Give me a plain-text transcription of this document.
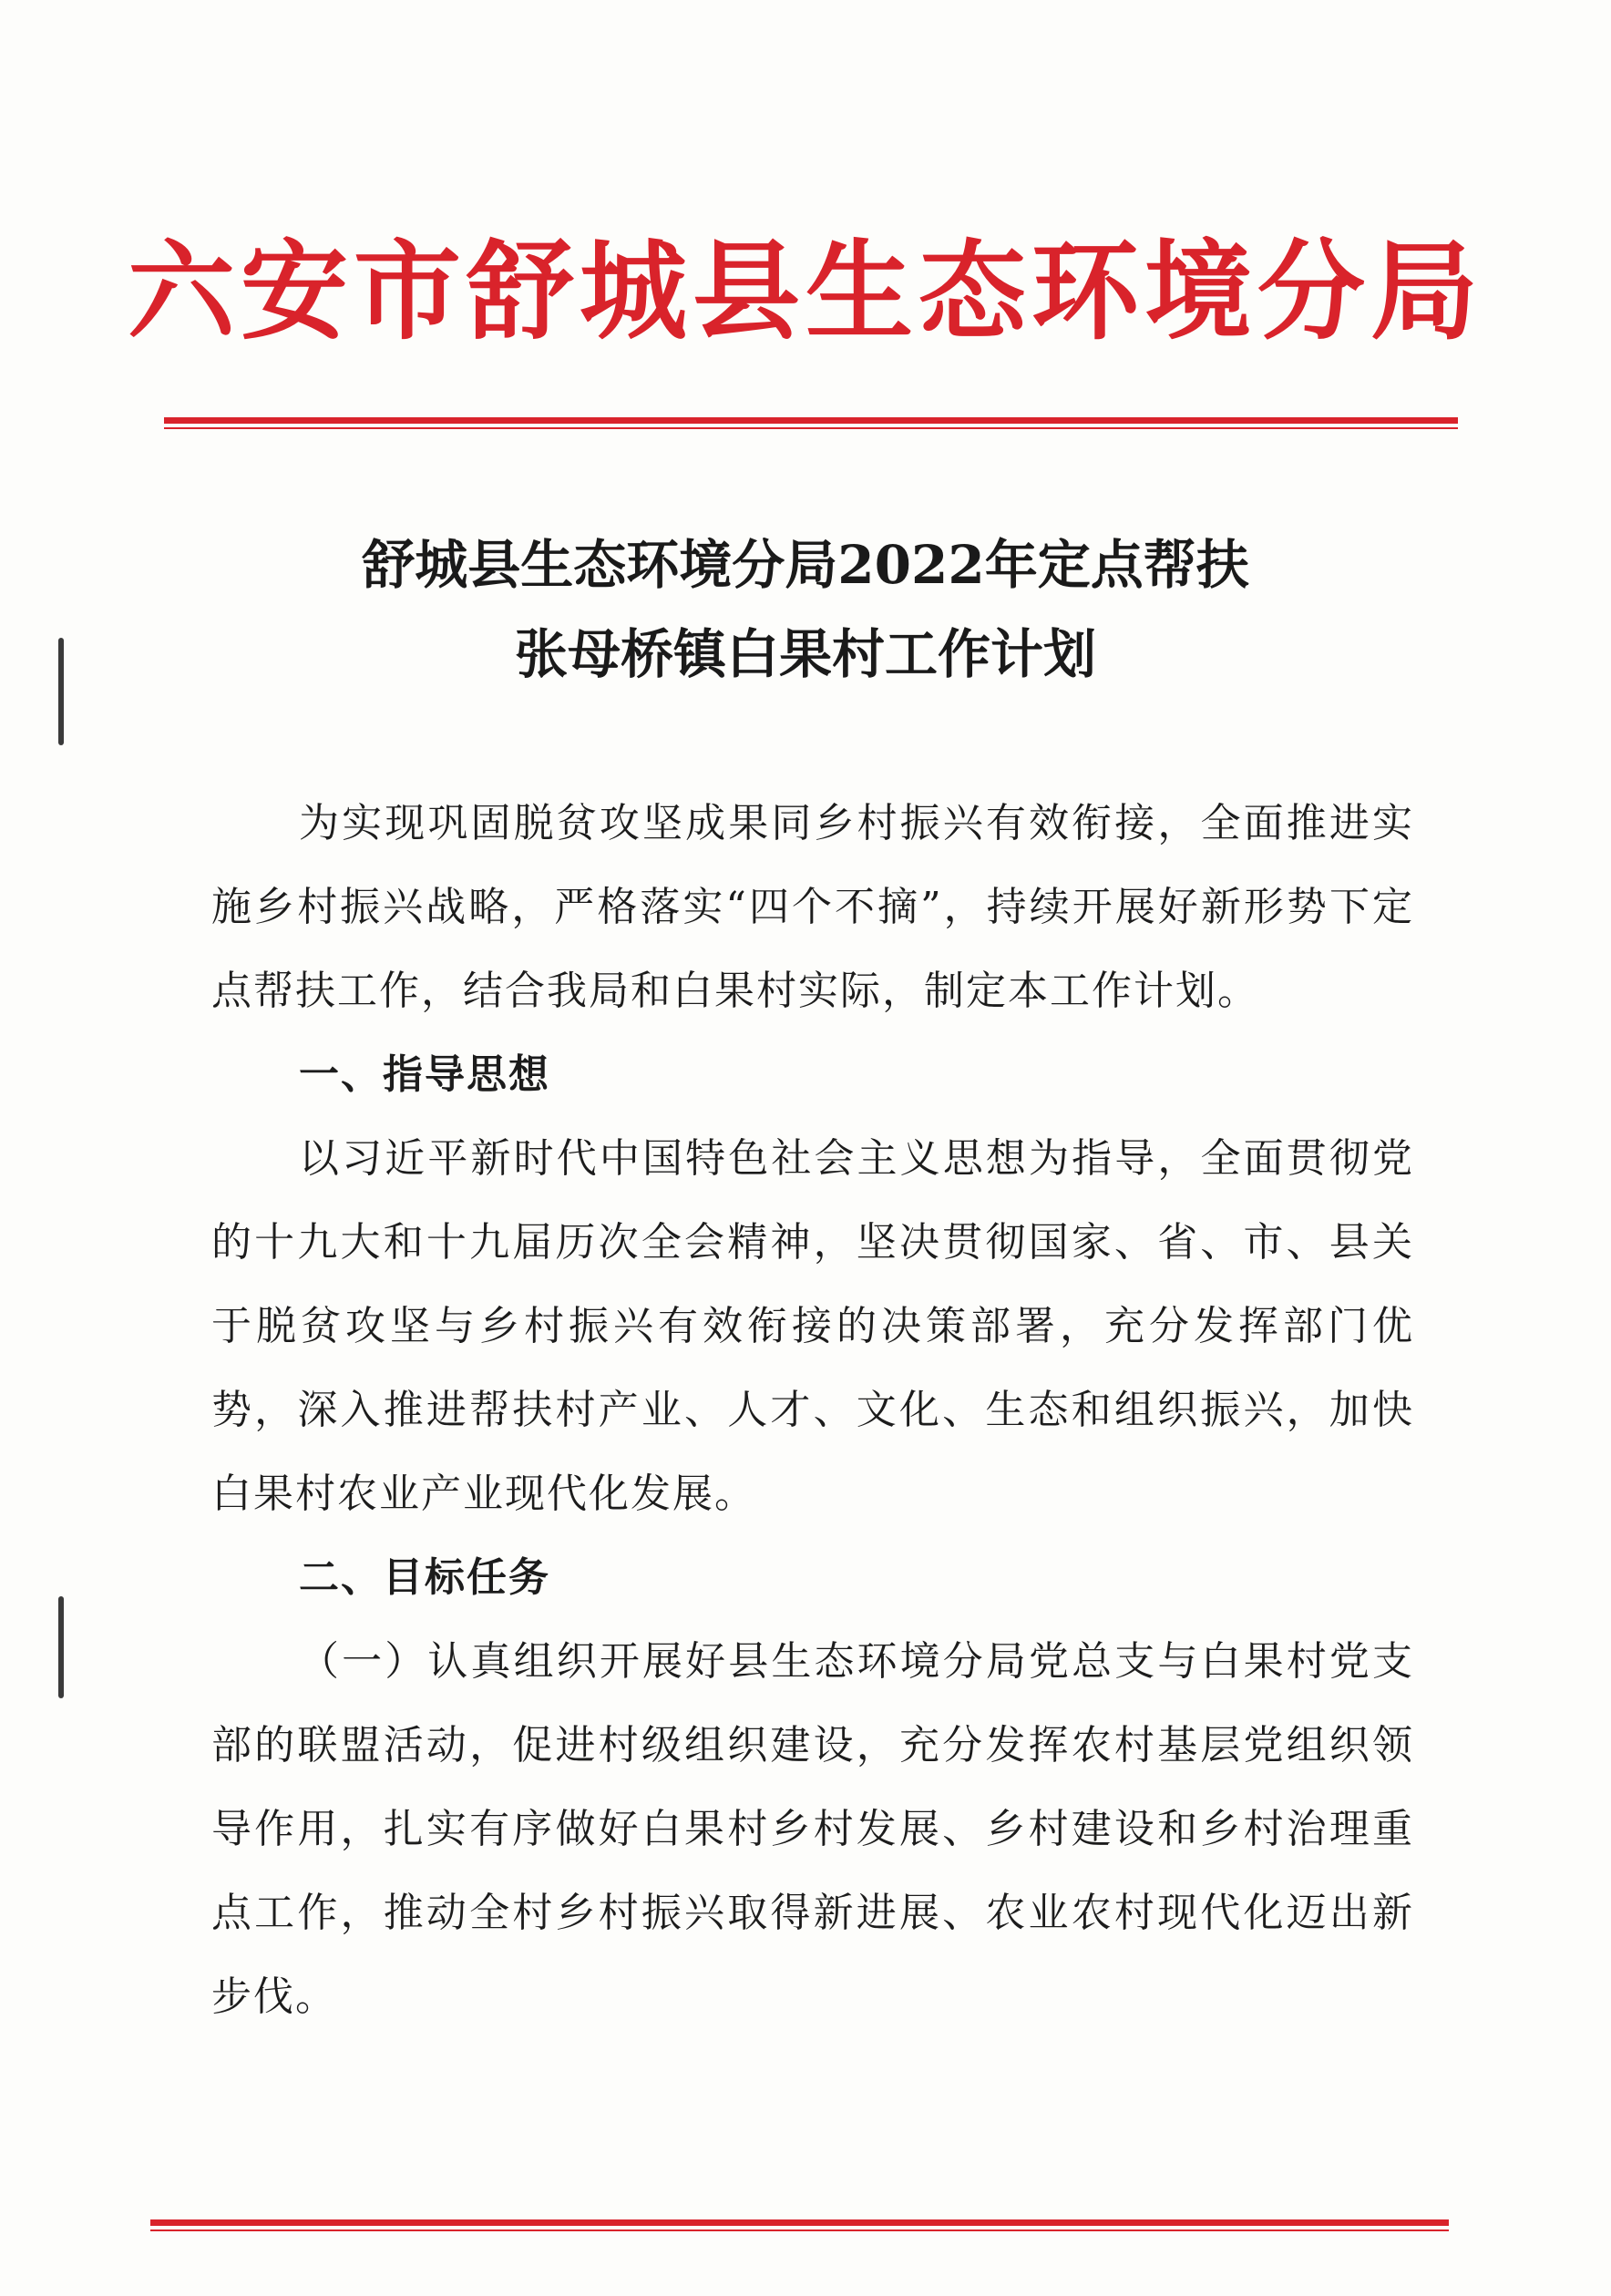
六安市舒城县生态环境分局
舒城县生态环境分局2022年定点帮扶
张母桥镇白果村工作计划

为实现巩固脱贫攻坚成果同乡村振兴有效衔接，全面推进实施乡村振兴战略，严格落实“四个不摘”，持续开展好新形势下定点帮扶工作，结合我局和白果村实际，制定本工作计划。

一、指导思想

以习近平新时代中国特色社会主义思想为指导，全面贯彻党的十九大和十九届历次全会精神，坚决贯彻国家、省、市、县关于脱贫攻坚与乡村振兴有效衔接的决策部署，充分发挥部门优势，深入推进帮扶村产业、人才、文化、生态和组织振兴，加快白果村农业产业现代化发展。

二、目标任务

（一）认真组织开展好县生态环境分局党总支与白果村党支部的联盟活动，促进村级组织建设，充分发挥农村基层党组织领导作用，扎实有序做好白果村乡村发展、乡村建设和乡村治理重点工作，推动全村乡村振兴取得新进展、农业农村现代化迈出新步伐。
